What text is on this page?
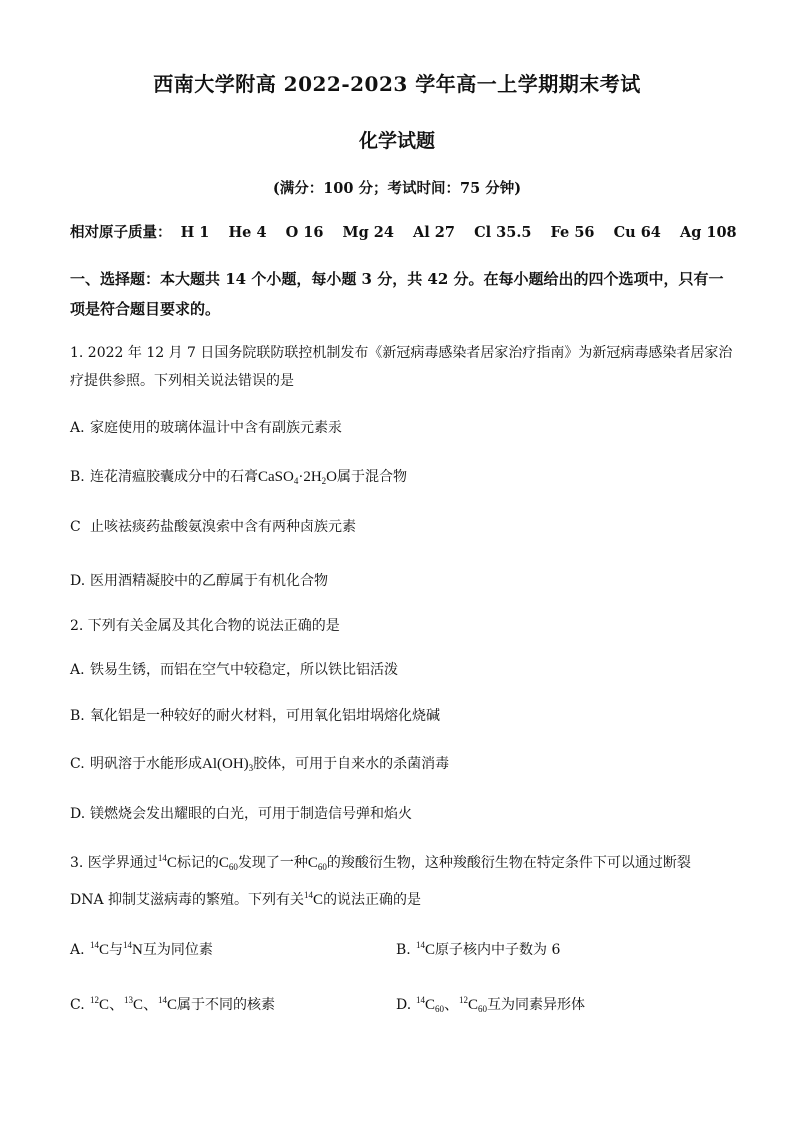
西南大学附高 2022-2023 学年高一上学期期末考试
化学试题
(满分：100 分；考试时间：75 分钟)
相对原子质量： H 1 He 4 O 16 Mg 24 Al 27 Cl 35.5 Fe 56 Cu 64 Ag 108
一、选择题：本大题共 14 个小题，每小题 3 分，共 42 分。在每小题给出的四个选项中，只有一项是符合题目要求的。
1. 2022 年 12 月 7 日国务院联防联控机制发布《新冠病毒感染者居家治疗指南》为新冠病毒感染者居家治
疗提供参照。下列相关说法错误的是
A. 家庭使用的玻璃体温计中含有副族元素汞
B. 连花清瘟胶囊成分中的石膏$CaSO_4\cdot 2H_2O$属于混合物
C 止咳祛痰药盐酸氨溴索中含有两种卤族元素
D. 医用酒精凝胶中的乙醇属于有机化合物
2. 下列有关金属及其化合物的说法正确的是
A. 铁易生锈，而铝在空气中较稳定，所以铁比铝活泼
B. 氧化铝是一种较好的耐火材料，可用氧化铝坩埚熔化烧碱
C. 明矾溶于水能形成$Al(OH)_3$胶体，可用于自来水的杀菌消毒
D. 镁燃烧会发出耀眼的白光，可用于制造信号弹和焰火
3. 医学界通过$^{14}$C标记的$C_{60}$发现了一种$C_{60}$的羧酸衍生物，这种羧酸衍生物在特定条件下可以通过断裂
DNA 抑制艾滋病毒的繁殖。下列有关$^{14}$C的说法正确的是
A. $^{14}$C与$^{14}$N互为同位素	B. $^{14}$C原子核内中子数为 6
C. $^{12}$C、$^{13}$C、$^{14}$C属于不同的核素	D. $^{14}C_{60}$、$^{12}C_{60}$互为同素异形体
